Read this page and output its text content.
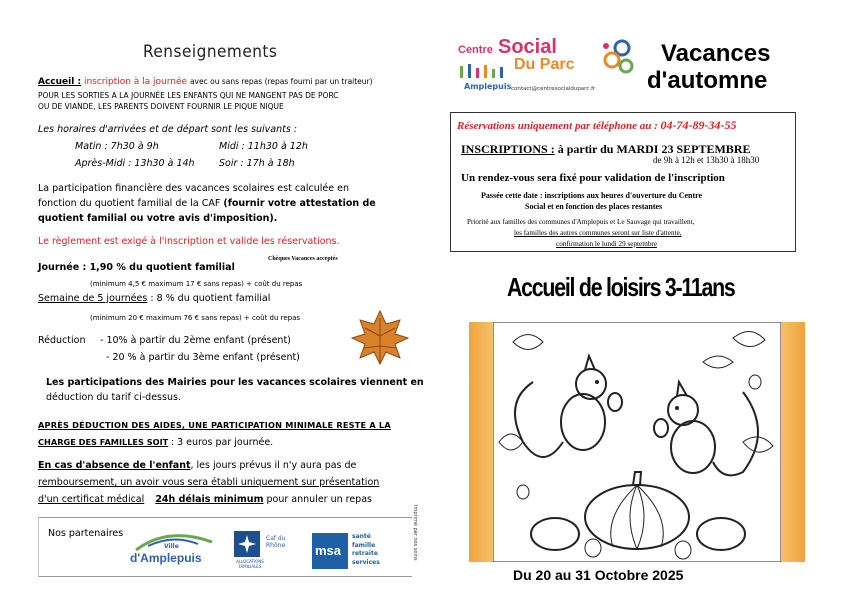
Renseignements
Accueil : inscription à la journée avec ou sans repas (repas fourni par un traiteur)
POUR LES SORTIES A LA JOURNÉE LES ENFANTS QUI NE MANGENT PAS DE PORC
OU DE VIANDE, LES PARENTS DOIVENT FOURNIR LE PIQUE NIQUE
Les horaires d'arrivées et de départ sont les suivants :
Matin : 7h30 à 9h	Midi : 11h30 à 12h
Après-Midi : 13h30 à 14h	Soir : 17h à 18h
La participation financière des vacances scolaires est calculée en
fonction du quotient familial de la CAF (fournir votre attestation de
quotient familial ou votre avis d'imposition).
Le règlement est exigé à l'inscription et valide les réservations.
Chèques Vacances acceptés
Journée : 1,90 % du quotient familial
(minimum 4,5 € maximum 17 € sans repas) + coût du repas
Semaine de 5 journées : 8 % du quotient familial
(minimum 20 € maximum 76 € sans repas) + coût du repas
Réduction - 10% à partir du 2ème enfant (présent)
- 20 % à partir du 3ème enfant (présent)
Les participations des Mairies pour les vacances scolaires viennent en
déduction du tarif ci-dessus.
APRÈS DÉDUCTION DES AIDES, UNE PARTICIPATION MINIMALE RESTE A LA
CHARGE DES FAMILLES SOIT : 3 euros par journée.
En cas d'absence de l'enfant, les jours prévus il n'y aura pas de
remboursement, un avoir vous sera établi uniquement sur présentation
d'un certificat médical 24h délais minimum pour annuler un repas
Nos partenaires
Ville
d'Amplepuis
Caf du Rhône
ALLOCATIONS FAMILIALES
msa
santé
famille
retraite
services
Imprimé par nos soins
Centre Social
Du Parc
Amplepuis contact@centresocialduparc.fr
Vacances
d'automne
Réservations uniquement par téléphone au : 04-74-89-34-55
INSCRIPTIONS : à partir du MARDI 23 SEPTEMBRE
de 9h à 12h et 13h30 à 18h30
Un rendez-vous sera fixé pour validation de l'inscription
Passée cette date : inscriptions aux heures d'ouverture du Centre
Social et en fonction des places restantes
Priorité aux familles des communes d'Amplepuis et Le Sauvage qui travaillent,
les familles des autres communes seront sur liste d'attente,
confirmation le lundi 29 septembre
Accueil de loisirs 3-11ans
Du 20 au 31 Octobre 2025
